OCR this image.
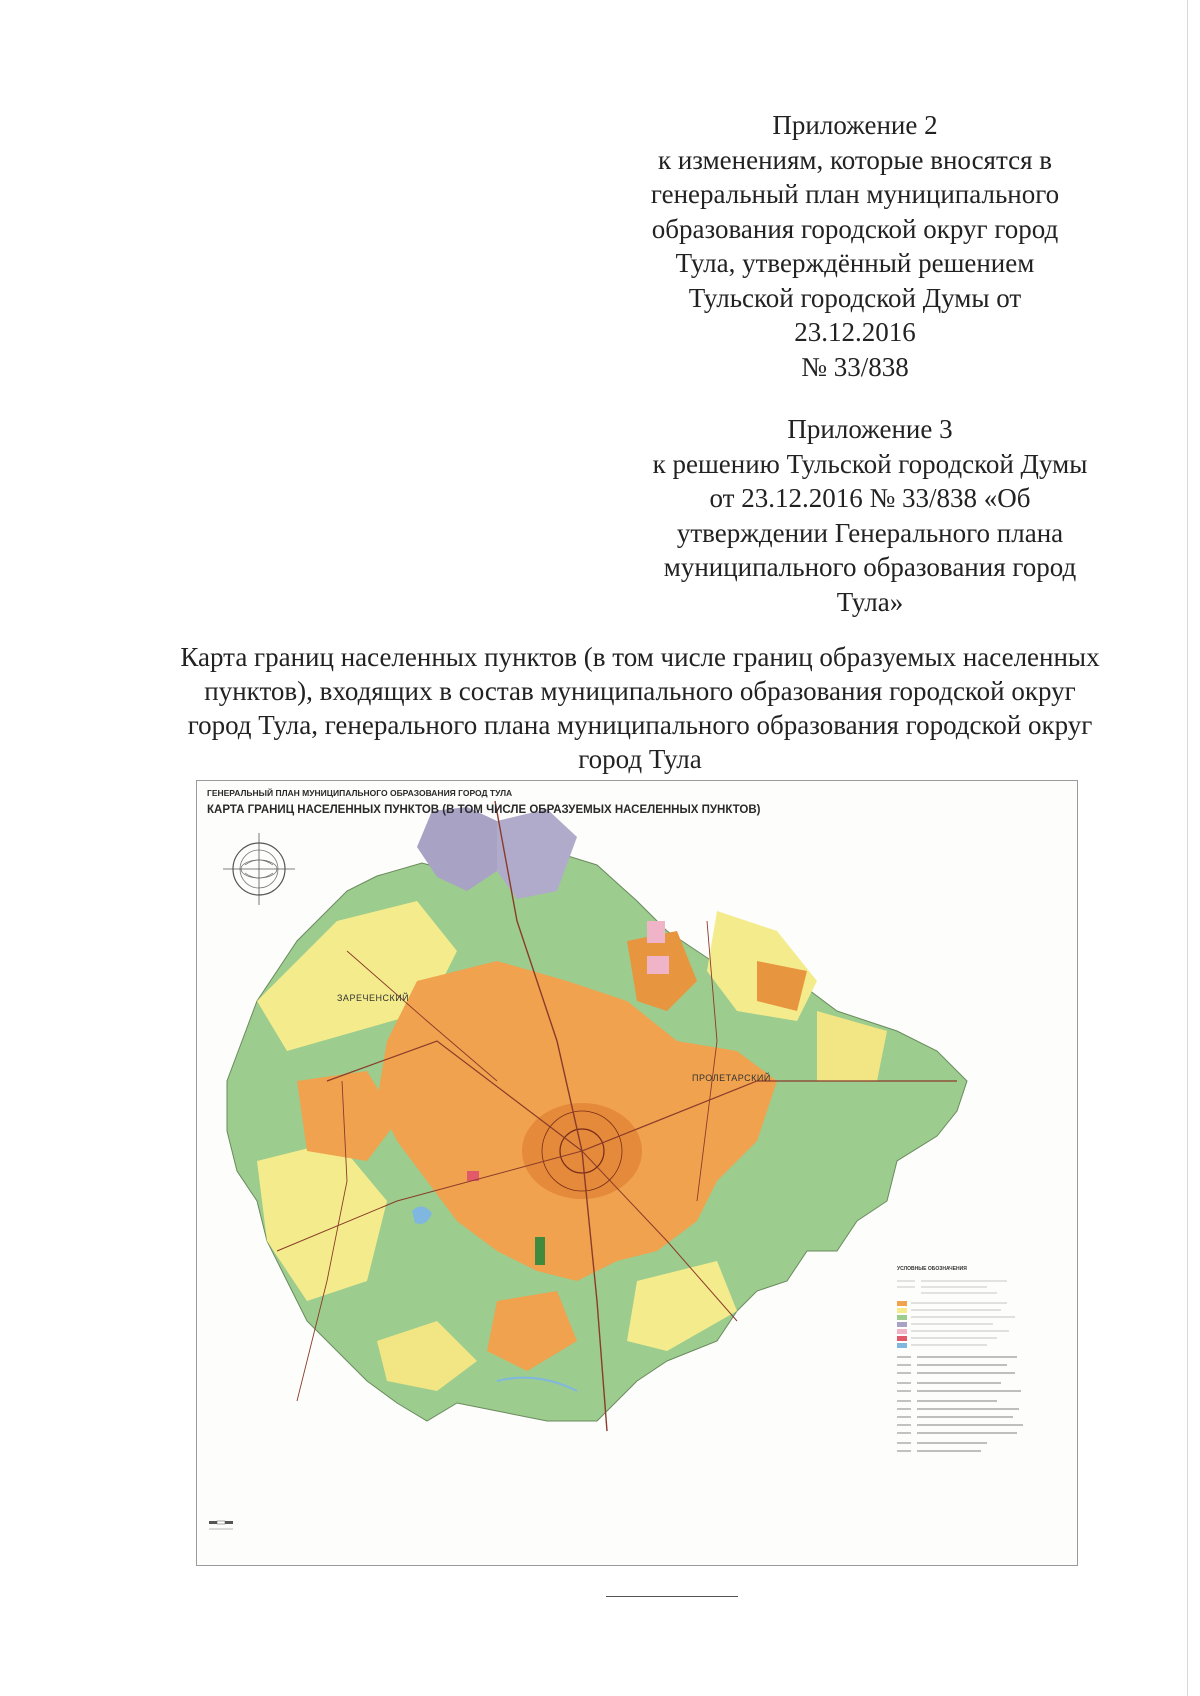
Приложение 2
к изменениям, которые вносятся в
генеральный план муниципального
образования городской округ город
Тула, утверждённый решением
Тульской городской Думы от
23.12.2016
№ 33/838
Приложение 3
к решению Тульской городской Думы
от 23.12.2016 № 33/838 «Об
утверждении Генерального плана
муниципального образования город
Тула»
Карта границ населенных пунктов (в том числе границ образуемых населенных
пунктов), входящих в состав муниципального образования городской округ
город Тула, генерального плана муниципального образования городской округ
город Тула
ЗАРЕЧЕНСКИЙ
ПРОЛЕТАРСКИЙ
ГЕНЕРАЛЬНЫЙ ПЛАН МУНИЦИПАЛЬНОГО ОБРАЗОВАНИЯ ГОРОД ТУЛА
КАРТА ГРАНИЦ НАСЕЛЕННЫХ ПУНКТОВ (В ТОМ ЧИСЛЕ ОБРАЗУЕМЫХ НАСЕЛЕННЫХ ПУНКТОВ)
УСЛОВНЫЕ ОБОЗНАЧЕНИЯ
